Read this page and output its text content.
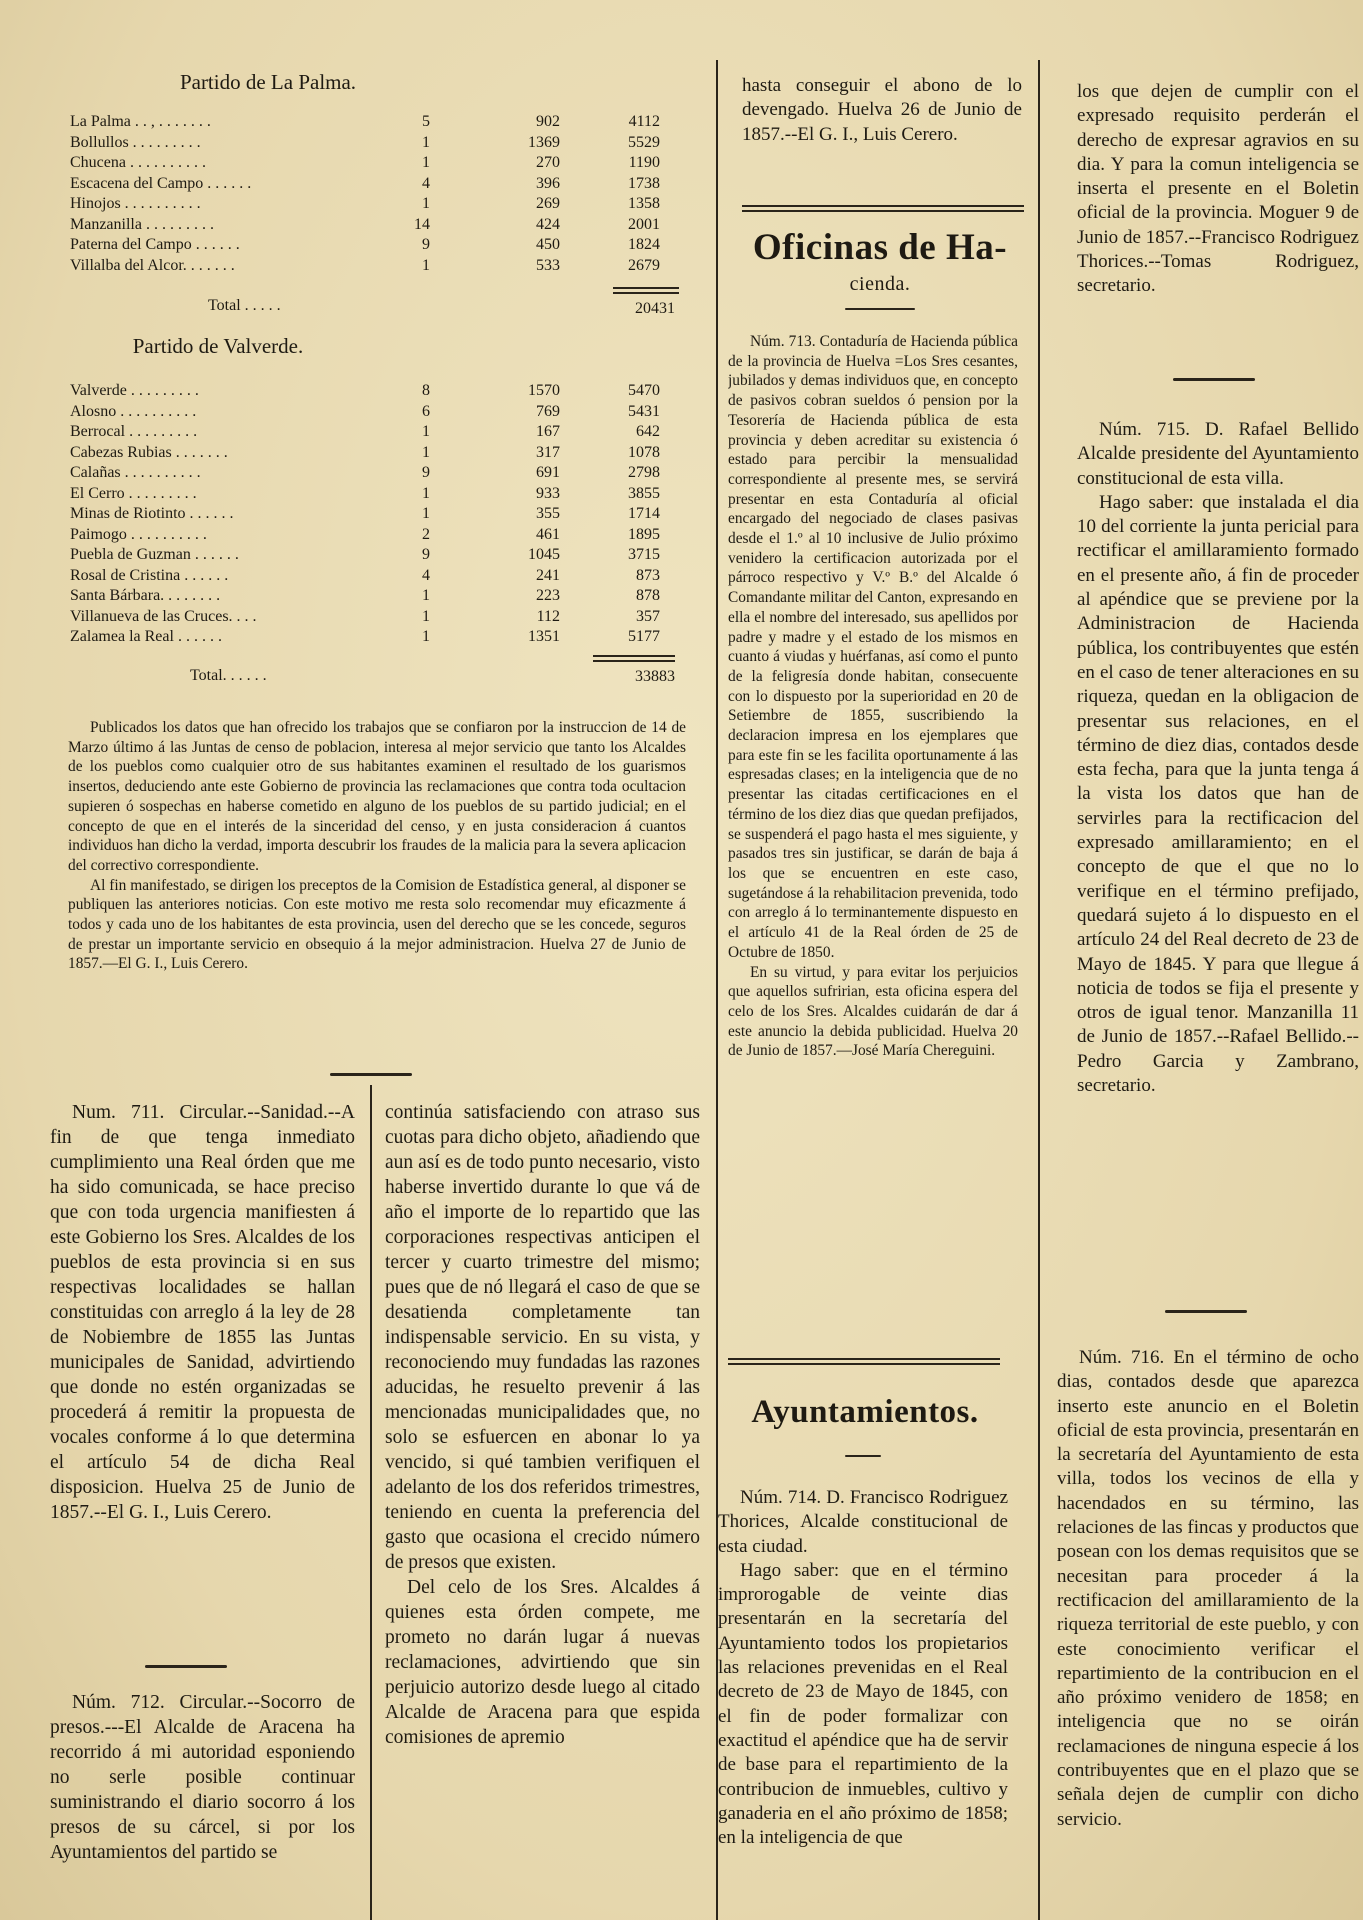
Partido de La Palma.

La Palma . . , . . . . . . .	5	902	4112
Bollullos . . . . . . . . .	1	1369	5529
Chucena . . . . . . . . . .	1	270	1190
Escacena del Campo . . . . . .	4	396	1738
Hinojos . . . . . . . . . .	1	269	1358
Manzanilla . . . . . . . . .	14	424	2001
Paterna del Campo . . . . . .	9	450	1824
Villalba del Alcor. . . . . . .	1	533	2679
Total . . . . .	20431

Partido de Valverde.

Valverde . . . . . . . . .	8	1570	5470
Alosno . . . . . . . . . .	6	769	5431
Berrocal . . . . . . . . .	1	167	642
Cabezas Rubias . . . . . . .	1	317	1078
Calañas . . . . . . . . . .	9	691	2798
El Cerro . . . . . . . . .	1	933	3855
Minas de Riotinto . . . . . .	1	355	1714
Paimogo . . . . . . . . . .	2	461	1895
Puebla de Guzman . . . . . .	9	1045	3715
Rosal de Cristina . . . . . .	4	241	873
Santa Bárbara. . . . . . . .	1	223	878
Villanueva de las Cruces. . . .	1	112	357
Zalamea la Real . . . . . .	1	1351	5177
Total. . . . . .	33883

Publicados los datos que han ofrecido los trabajos que se confiaron por la instruccion de 14 de Marzo último á las Juntas de censo de poblacion, interesa al mejor servicio que tanto los Alcaldes de los pueblos como cualquier otro de sus habitantes examinen el resultado de los guarismos insertos, deduciendo ante este Gobierno de provincia las reclamaciones que contra toda ocultacion supieren ó sospechas en haberse cometido en alguno de los pueblos de su partido judicial; en el concepto de que en el interés de la sinceridad del censo, y en justa consideracion á cuantos individuos han dicho la verdad, importa descubrir los fraudes de la malicia para la severa aplicacion del correctivo correspondiente.

Al fin manifestado, se dirigen los preceptos de la Comision de Estadística general, al disponer se publiquen las anteriores noticias. Con este motivo me resta solo recomendar muy eficazmente á todos y cada uno de los habitantes de esta provincia, usen del derecho que se les concede, seguros de prestar un importante servicio en obsequio á la mejor administracion. Huelva 27 de Junio de 1857.—El G. I., Luis Cerero.

Num. 711. Circular.--Sanidad.--A fin de que tenga inmediato cumplimiento una Real órden que me ha sido comunicada, se hace preciso que con toda urgencia manifiesten á este Gobierno los Sres. Alcaldes de los pueblos de esta provincia si en sus respectivas localidades se hallan constituidas con arreglo á la ley de 28 de Nobiembre de 1855 las Juntas municipales de Sanidad, advirtiendo que donde no estén organizadas se procederá á remitir la propuesta de vocales conforme á lo que determina el artículo 54 de dicha Real disposicion. Huelva 25 de Junio de 1857.--El G. I., Luis Cerero.

Núm. 712. Circular.--Socorro de presos.---El Alcalde de Aracena ha recorrido á mi autoridad esponiendo no serle posible continuar suministrando el diario socorro á los presos de su cárcel, si por los Ayuntamientos del partido se

continúa satisfaciendo con atraso sus cuotas para dicho objeto, añadiendo que aun así es de todo punto necesario, visto haberse invertido durante lo que vá de año el importe de lo repartido que las corporaciones respectivas anticipen el tercer y cuarto trimestre del mismo; pues que de nó llegará el caso de que se desatienda completamente tan indispensable servicio. En su vista, y reconociendo muy fundadas las razones aducidas, he resuelto prevenir á las mencionadas municipalidades que, no solo se esfuercen en abonar lo ya vencido, si qué tambien verifiquen el adelanto de los dos referidos trimestres, teniendo en cuenta la preferencia del gasto que ocasiona el crecido número de presos que existen.

Del celo de los Sres. Alcaldes á quienes esta órden compete, me prometo no darán lugar á nuevas reclamaciones, advirtiendo que sin perjuicio autorizo desde luego al citado Alcalde de Aracena para que espida comisiones de apremio

hasta conseguir el abono de lo devengado. Huelva 26 de Junio de 1857.--El G. I., Luis Cerero.

Oficinas de Ha-
cienda.

Núm. 713. Contaduría de Hacienda pública de la provincia de Huelva =Los Sres cesantes, jubilados y demas individuos que, en concepto de pasivos cobran sueldos ó pension por la Tesorería de Hacienda pública de esta provincia y deben acreditar su existencia ó estado para percibir la mensualidad correspondiente al presente mes, se servirá presentar en esta Contaduría al oficial encargado del negociado de clases pasivas desde el 1.º al 10 inclusive de Julio próximo venidero la certificacion autorizada por el párroco respectivo y V.º B.º del Alcalde ó Comandante militar del Canton, expresando en ella el nombre del interesado, sus apellidos por padre y madre y el estado de los mismos en cuanto á viudas y huérfanas, así como el punto de la feligresía donde habitan, consecuente con lo dispuesto por la superioridad en 20 de Setiembre de 1855, suscribiendo la declaracion impresa en los ejemplares que para este fin se les facilita oportunamente á las espresadas clases; en la inteligencia que de no presentar las citadas certificaciones en el término de los diez dias que quedan prefijados, se suspenderá el pago hasta el mes siguiente, y pasados tres sin justificar, se darán de baja á los que se encuentren en este caso, sugetándose á la rehabilitacion prevenida, todo con arreglo á lo terminantemente dispuesto en el artículo 41 de la Real órden de 25 de Octubre de 1850.

En su virtud, y para evitar los perjuicios que aquellos sufririan, esta oficina espera del celo de los Sres. Alcaldes cuidarán de dar á este anuncio la debida publicidad. Huelva 20 de Junio de 1857.—José María Chereguini.

Ayuntamientos.

Núm. 714. D. Francisco Rodriguez Thorices, Alcalde constitucional de esta ciudad.

Hago saber: que en el término improrogable de veinte dias presentarán en la secretaría del Ayuntamiento todos los propietarios las relaciones prevenidas en el Real decreto de 23 de Mayo de 1845, con el fin de poder formalizar con exactitud el apéndice que ha de servir de base para el repartimiento de la contribucion de inmuebles, cultivo y ganaderia en el año próximo de 1858; en la inteligencia de que

los que dejen de cumplir con el expresado requisito perderán el derecho de expresar agravios en su dia. Y para la comun inteligencia se inserta el presente en el Boletin oficial de la provincia. Moguer 9 de Junio de 1857.--Francisco Rodriguez Thorices.--Tomas Rodriguez, secretario.

Núm. 715. D. Rafael Bellido Alcalde presidente del Ayuntamiento constitucional de esta villa.

Hago saber: que instalada el dia 10 del corriente la junta pericial para rectificar el amillaramiento formado en el presente año, á fin de proceder al apéndice que se previene por la Administracion de Hacienda pública, los contribuyentes que estén en el caso de tener alteraciones en su riqueza, quedan en la obligacion de presentar sus relaciones, en el término de diez dias, contados desde esta fecha, para que la junta tenga á la vista los datos que han de servirles para la rectificacion del expresado amillaramiento; en el concepto de que el que no lo verifique en el término prefijado, quedará sujeto á lo dispuesto en el artículo 24 del Real decreto de 23 de Mayo de 1845. Y para que llegue á noticia de todos se fija el presente y otros de igual tenor. Manzanilla 11 de Junio de 1857.--Rafael Bellido.--Pedro Garcia y Zambrano, secretario.

Núm. 716. En el término de ocho dias, contados desde que aparezca inserto este anuncio en el Boletin oficial de esta provincia, presentarán en la secretaría del Ayuntamiento de esta villa, todos los vecinos de ella y hacendados en su término, las relaciones de las fincas y productos que posean con los demas requisitos que se necesitan para proceder á la rectificacion del amillaramiento de la riqueza territorial de este pueblo, y con este conocimiento verificar el repartimiento de la contribucion en el año próximo venidero de 1858; en inteligencia que no se oirán reclamaciones de ninguna especie á los contribuyentes que en el plazo que se señala dejen de cumplir con dicho servicio.
